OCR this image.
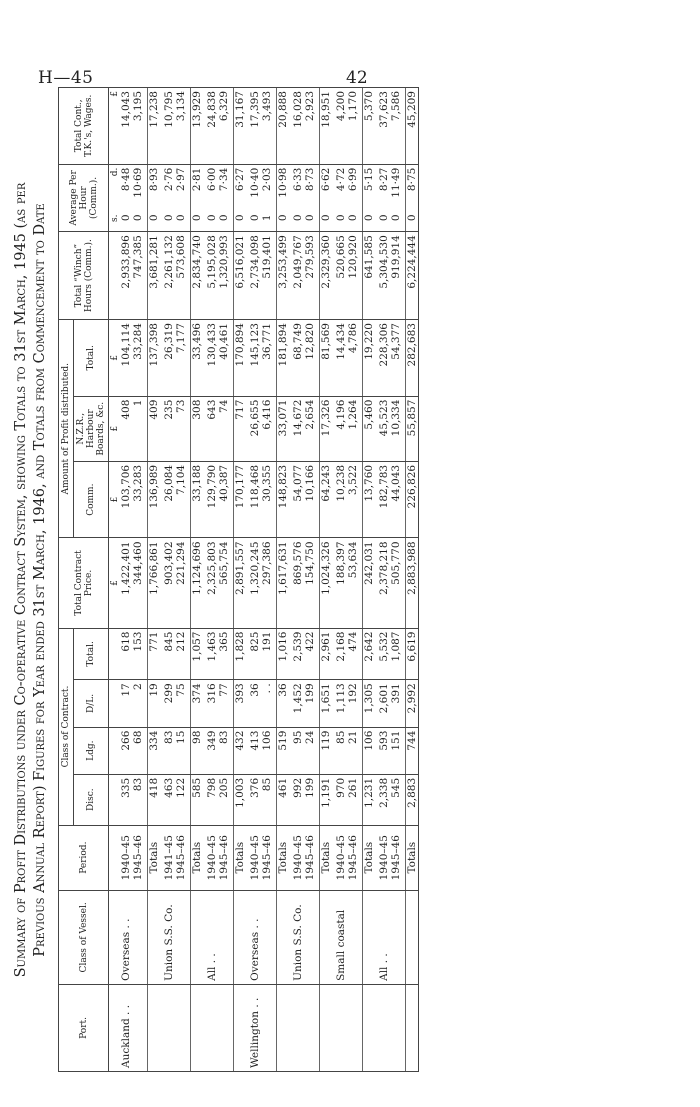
H—45	42
Summary of Profit Distributions under Co-operative Contract System, showing Totals to 31st March, 1945 (as per Previous Annual Report) Figures for Year ended 31st March, 1946, and Totals from Commencement to Date
Port.	Class of Vessel.	Period.	Class of Contract.				Total Contract Price.	Amount of Profit distributed.			Total “Winch” Hours (Comm.).	Average Per Hour (Comm.).		Total Cont., T.K.'s, Wages.
			Disc.	Ldg.	D/L.	Total.		Comm.	N.Z.R., Harbour Boards, &c.	Total.				
							£	£	£	£		s.	d.	£
Auckland . .	Overseas . .	1940–45	335	266	17	618	1,422,401	103,706	408	104,114	2,933,896	0	8·48	14,043
		1945–46	83	68	2	153	344,460	33,283	1	33,284	747,385	0	10·69	3,195

		Totals	418	334	19	771	1,766,861	136,989	409	137,398	3,681,281	0	8·93	17,238

	Union S.S. Co.	1941–45	463	83	299	845	903,402	26,084	235	26,319	2,261,132	0	2·76	10,795
		1945–46	122	15	75	212	221,294	7,104	73	7,177	573,608	0	2·97	3,134

		Totals	585	98	374	1,057	1,124,696	33,188	308	33,496	2,834,740	0	2·81	13,929

	All . .	1940–45	798	349	316	1,463	2,325,803	129,790	643	130,433	5,195,028	0	6·00	24,838
		1945–46	205	83	77	365	565,754	40,387	74	40,461	1,320,993	0	7·34	6,329

		Totals	1,003	432	393	1,828	2,891,557	170,177	717	170,894	6,516,021	0	6·27	31,167

Wellington . .	Overseas . .	1940–45	376	413	36	825	1,320,245	118,468	26,655	145,123	2,734,098	0	10·40	17,395
		1945–46	85	106	. .	191	297,386	30,355	6,416	36,771	519,401	1	2·03	3,493

		Totals	461	519	36	1,016	1,617,631	148,823	33,071	181,894	3,253,499	0	10·98	20,888

	Union S.S. Co.	1940–45	992	95	1,452	2,539	869,576	54,077	14,672	68,749	2,049,767	0	6·33	16,028
		1945–46	199	24	199	422	154,750	10,166	2,654	12,820	279,593	0	8·73	2,923

		Totals	1,191	119	1,651	2,961	1,024,326	64,243	17,326	81,569	2,329,360	0	6·62	18,951

	Small coastal	1940–45	970	85	1,113	2,168	188,397	10,238	4,196	14,434	520,665	0	4·72	4,200
		1945–46	261	21	192	474	53,634	3,522	1,264	4,786	120,920	0	6·99	1,170

		Totals	1,231	106	1,305	2,642	242,031	13,760	5,460	19,220	641,585	0	5·15	5,370

	All . .	1940–45	2,338	593	2,601	5,532	2,378,218	182,783	45,523	228,306	5,304,530	0	8·27	37,623
		1945–46	545	151	391	1,087	505,770	44,043	10,334	54,377	919,914	0	11·49	7,586

		Totals	2,883	744	2,992	6,619	2,883,988	226,826	55,857	282,683	6,224,444	0	8·75	45,209
